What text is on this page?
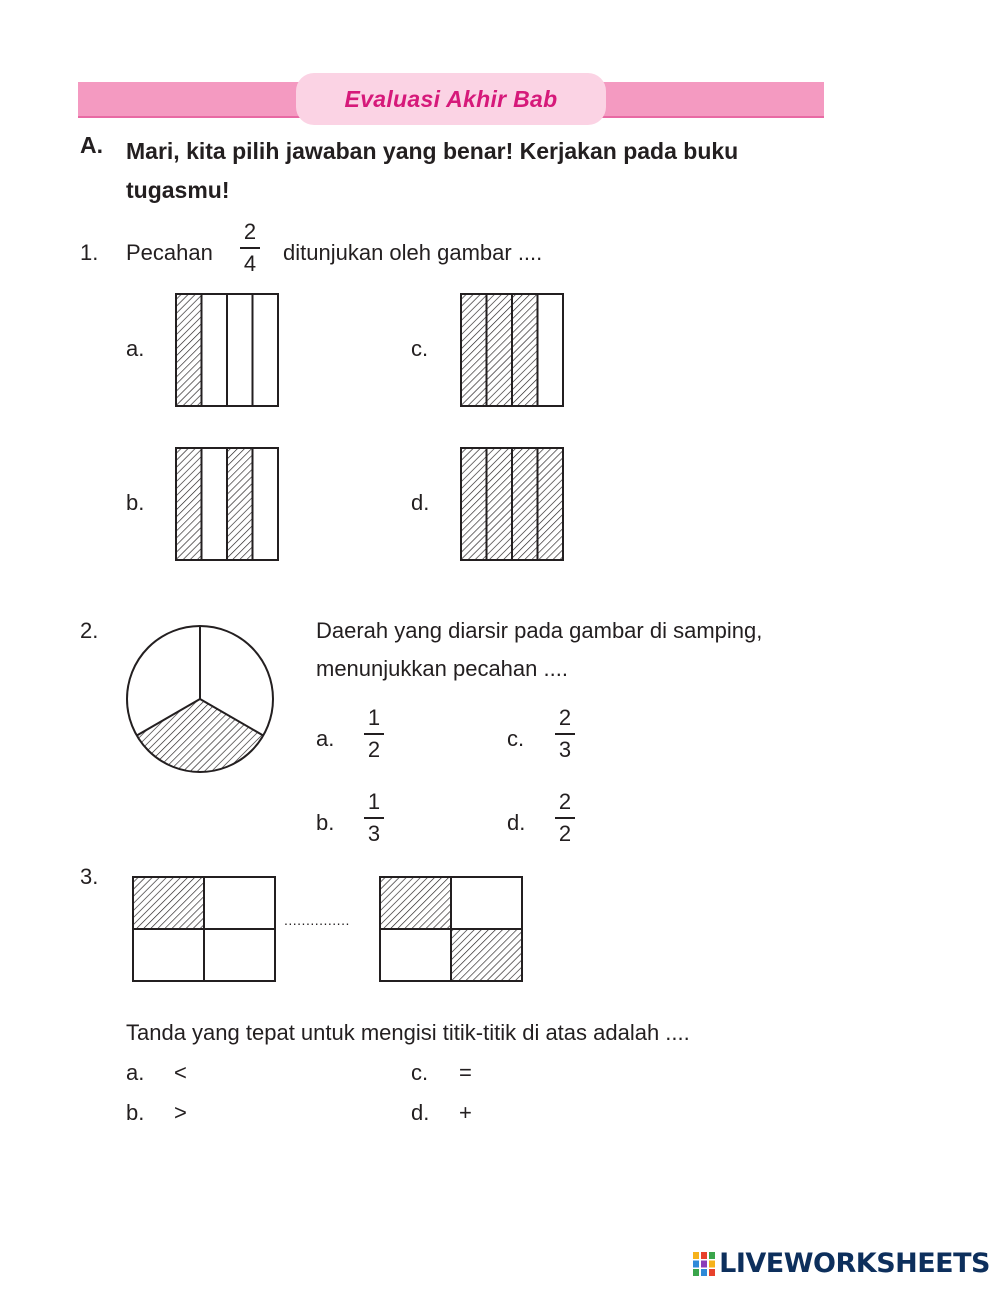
Evaluasi Akhir Bab
A. Mari, kita pilih jawaban yang benar! Kerjakan pada buku tugasmu!
1. Pecahan
2
4 ditunjukan oleh gambar ....
a.
b.
c.
d.
2.	Daerah yang diarsir pada gambar di samping,
menunjukkan pecahan ....
a.
1
2
b.
1
3
c.
2
3
d.
2
2
3.
...............
Tanda yang tepat untuk mengisi titik-titik di atas adalah ....
a. <
b. >
c. =
d. +
LIVEWORKSHEETS
